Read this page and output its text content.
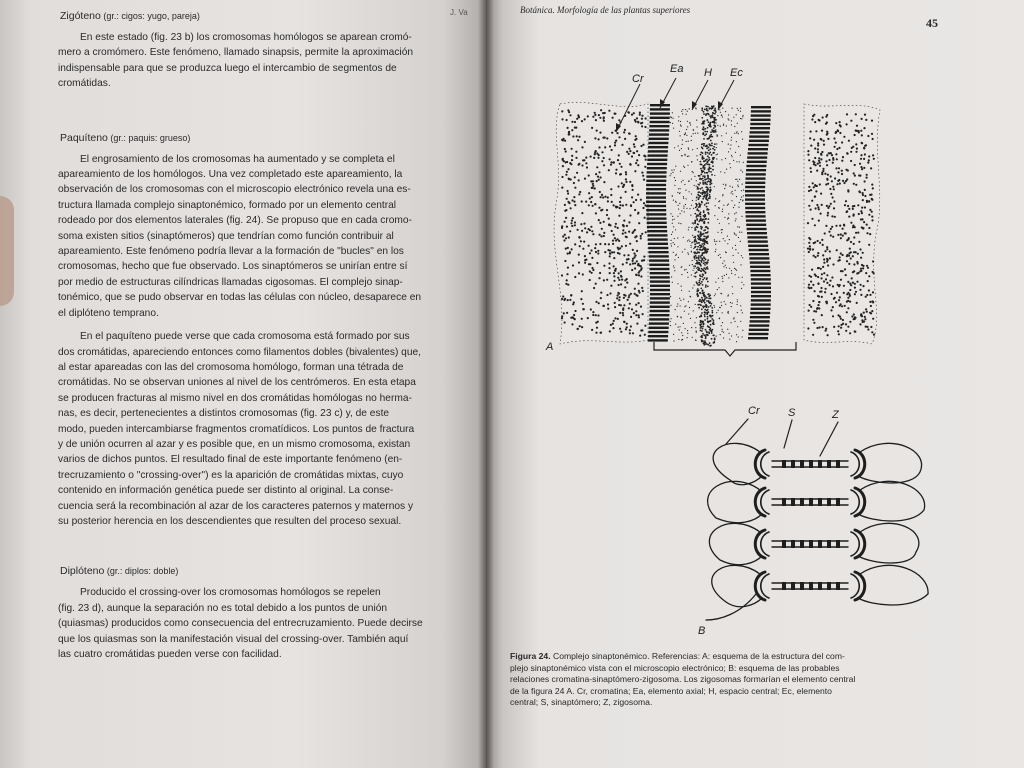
J. Va
Zigóteno (gr.: cigos: yugo, pareja)

En este estado (fig. 23 b) los cromosomas homólogos se aparean cromó-
mero a cromómero. Este fenómeno, llamado sinapsis, permite la aproximación
indispensable para que se produzca luego el intercambio de segmentos de
cromátidas.

Paquíteno (gr.: paquis: grueso)

El engrosamiento de los cromosomas ha aumentado y se completa el
apareamiento de los homólogos. Una vez completado este apareamiento, la
observación de los cromosomas con el microscopio electrónico revela una es-
tructura llamada complejo sinaptonémico, formado por un elemento central
rodeado por dos elementos laterales (fig. 24). Se propuso que en cada cromo-
soma existen sitios (sinaptómeros) que tendrían como función contribuir al
apareamiento. Este fenómeno podría llevar a la formación de "bucles" en los
cromosomas, hecho que fue observado. Los sinaptómeros se unirían entre sí
por medio de estructuras cilíndricas llamadas cigosomas. El complejo sinap-
tonémico, que se pudo observar en todas las células con núcleo, desaparece en
el diplóteno temprano.

En el paquíteno puede verse que cada cromosoma está formado por sus
dos cromátidas, apareciendo entonces como filamentos dobles (bivalentes) que,
al estar apareadas con las del cromosoma homólogo, forman una tétrada de
cromátidas. No se observan uniones al nivel de los centrómeros. En esta etapa
se producen fracturas al mismo nivel en dos cromátidas homólogas no herma-
nas, es decir, pertenecientes a distintos cromosomas (fig. 23 c) y, de este
modo, pueden intercambiarse fragmentos cromatídicos. Los puntos de fractura
y de unión ocurren al azar y es posible que, en un mismo cromosoma, existan
varios de dichos puntos. El resultado final de este importante fenómeno (en-
trecruzamiento o "crossing-over") es la aparición de cromátidas mixtas, cuyo
contenido en información genética puede ser distinto al original. La conse-
cuencia será la recombinación al azar de los caracteres paternos y maternos y
su posterior herencia en los descendientes que resulten del proceso sexual.

Diplóteno (gr.: diplos: doble)

Producido el crossing-over los cromosomas homólogos se repelen
(fig. 23 d), aunque la separación no es total debido a los puntos de unión
(quiasmas) producidos como consecuencia del entrecruzamiento. Puede decirse
que los quiasmas son la manifestación visual del crossing-over. También aquí
las cuatro cromátidas pueden verse con facilidad.

Botánica. Morfología de las plantas superiores
45
Cr
Ea H Ec
A
Cr	S	Z
B
Figura 24. Complejo sinaptonémico. Referencias: A: esquema de la estructura del com-
plejo sinaptonémico vista con el microscopio electrónico; B: esquema de las probables
relaciones cromatina-sinaptómero-zigosoma. Los zigosomas formarían el elemento central
de la figura 24 A. Cr, cromatina; Ea, elemento axial; H, espacio central; Ec, elemento
central; S, sinaptómero; Z, zigosoma.
